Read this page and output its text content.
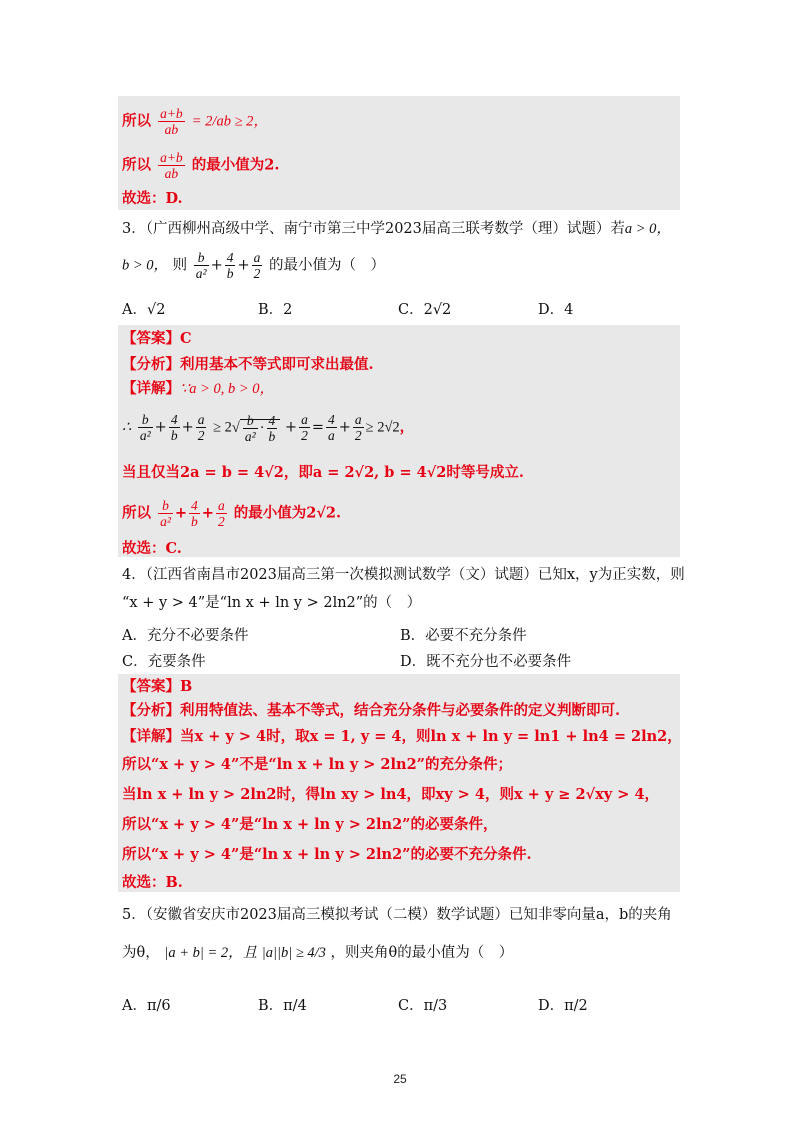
所以 $\frac{a+b}{ab} = 2/ab \ge 2$，
所以 $\frac{a+b}{ab}$ 的最小值为2.
故选：D.
3．（广西柳州高级中学、南宁市第三中学2023届高三联考数学（理）试题）若a > 0，
b > 0， 则 $\frac{b}{\text{a²}} + \frac{4}{b} + \frac{a}{2}$ 的最小值为（　）
A．√2	B．2	C．2√2	D．4
【答案】C
【分析】利用基本不等式即可求出最值.
【详解】∵a > 0, b > 0，
∴ $\frac{b}{\text{a²}} + \frac{4}{b} + \frac{a}{2} \ge 2√ \frac{b}{\text{a²}} \cdot \frac{4}{b} + \frac{a}{2} = \frac{4}{a} + \frac{a}{2} \ge 2√2$，
当且仅当2a = b = 4√2，即a = 2√2, b = 4√2时等号成立.
所以 $\frac{b}{\text{a²}} + \frac{4}{b} + \frac{a}{2}$ 的最小值为2√2.
故选：C.
4．（江西省南昌市2023届高三第一次模拟测试数学（文）试题）已知x，y为正实数，则
“x + y > 4”是“ln x + ln y > 2ln2”的（　）
A．充分不必要条件	B．必要不充分条件
C．充要条件	D．既不充分也不必要条件
【答案】B
【分析】利用特值法、基本不等式，结合充分条件与必要条件的定义判断即可.
【详解】当x + y > 4时，取x = 1, y = 4，则ln x + ln y = ln1 + ln4 = 2ln2，
所以“x + y > 4”不是“ln x + ln y > 2ln2”的充分条件；
当ln x + ln y > 2ln2时，得ln xy > ln4，即xy > 4，则x + y ≥ 2√xy > 4，
所以“x + y > 4”是“ln x + ln y > 2ln2”的必要条件，
所以“x + y > 4”是“ln x + ln y > 2ln2”的必要不充分条件.
故选：B.
5．（安徽省安庆市2023届高三模拟考试（二模）数学试题）已知非零向量a，b的夹角
为θ， |a + b| = 2，且 |a||b| ≥ 4/3 ，则夹角θ的最小值为（　）
A．π/6	B．π/4	C．π/3	D．π/2
25
